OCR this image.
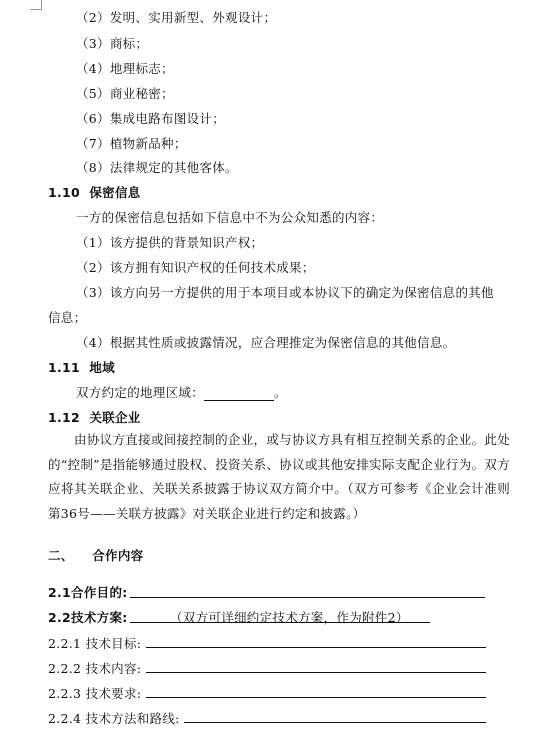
（2）发明、实用新型、外观设计；
（3）商标；
（4）地理标志；
（5）商业秘密；
（6）集成电路布图设计；
（7）植物新品种；
（8）法律规定的其他客体。
1.10 保密信息
一方的保密信息包括如下信息中不为公众知悉的内容：
（1）该方提供的背景知识产权；
（2）该方拥有知识产权的任何技术成果；
（3）该方向另一方提供的用于本项目或本协议下的确定为保密信息的其他
信息；
（4）根据其性质或披露情况，应合理推定为保密信息的其他信息。
1.11 地域
双方约定的地理区域：	。
1.12 关联企业
由协议方直接或间接控制的企业，或与协议方具有相互控制关系的企业。此处的“控制”是指能够通过股权、投资关系、协议或其他安排实际支配企业行为。双方应将其关联企业、关联关系披露于协议双方简介中。（双方可参考《企业会计准则第36号——关联方披露》对关联企业进行约定和披露。）
二、 合作内容
2.1合作目的:
2.2技术方案:	（双方可详细约定技术方案，作为附件2）
2.2.1 技术目标:
2.2.2 技术内容:
2.2.3 技术要求:
2.2.4 技术方法和路线:
